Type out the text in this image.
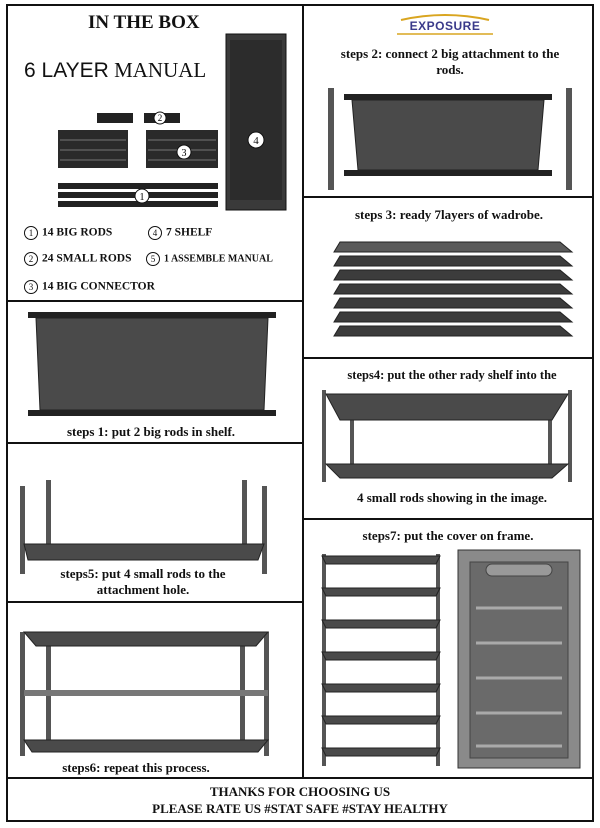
IN THE BOX
6 LAYER MANUAL
4
2
3
1
1 14 BIG RODS	4 7 SHELF
2 24 SMALL RODS	5 1 ASSEMBLE MANUAL
3 14 BIG CONNECTOR
EXPOSURE
steps 2: connect 2 big attachment to the rods.
steps 3: ready 7layers of wadrobe.
steps 1: put 2 big rods in shelf.
steps4: put the other rady shelf into the
4 small rods showing in the image.
steps5: put 4 small rods to the attachment hole.
steps6: repeat this process.
steps7: put the cover on frame.
THANKS FOR CHOOSING US
PLEASE RATE US #STAT SAFE #STAY HEALTHY
